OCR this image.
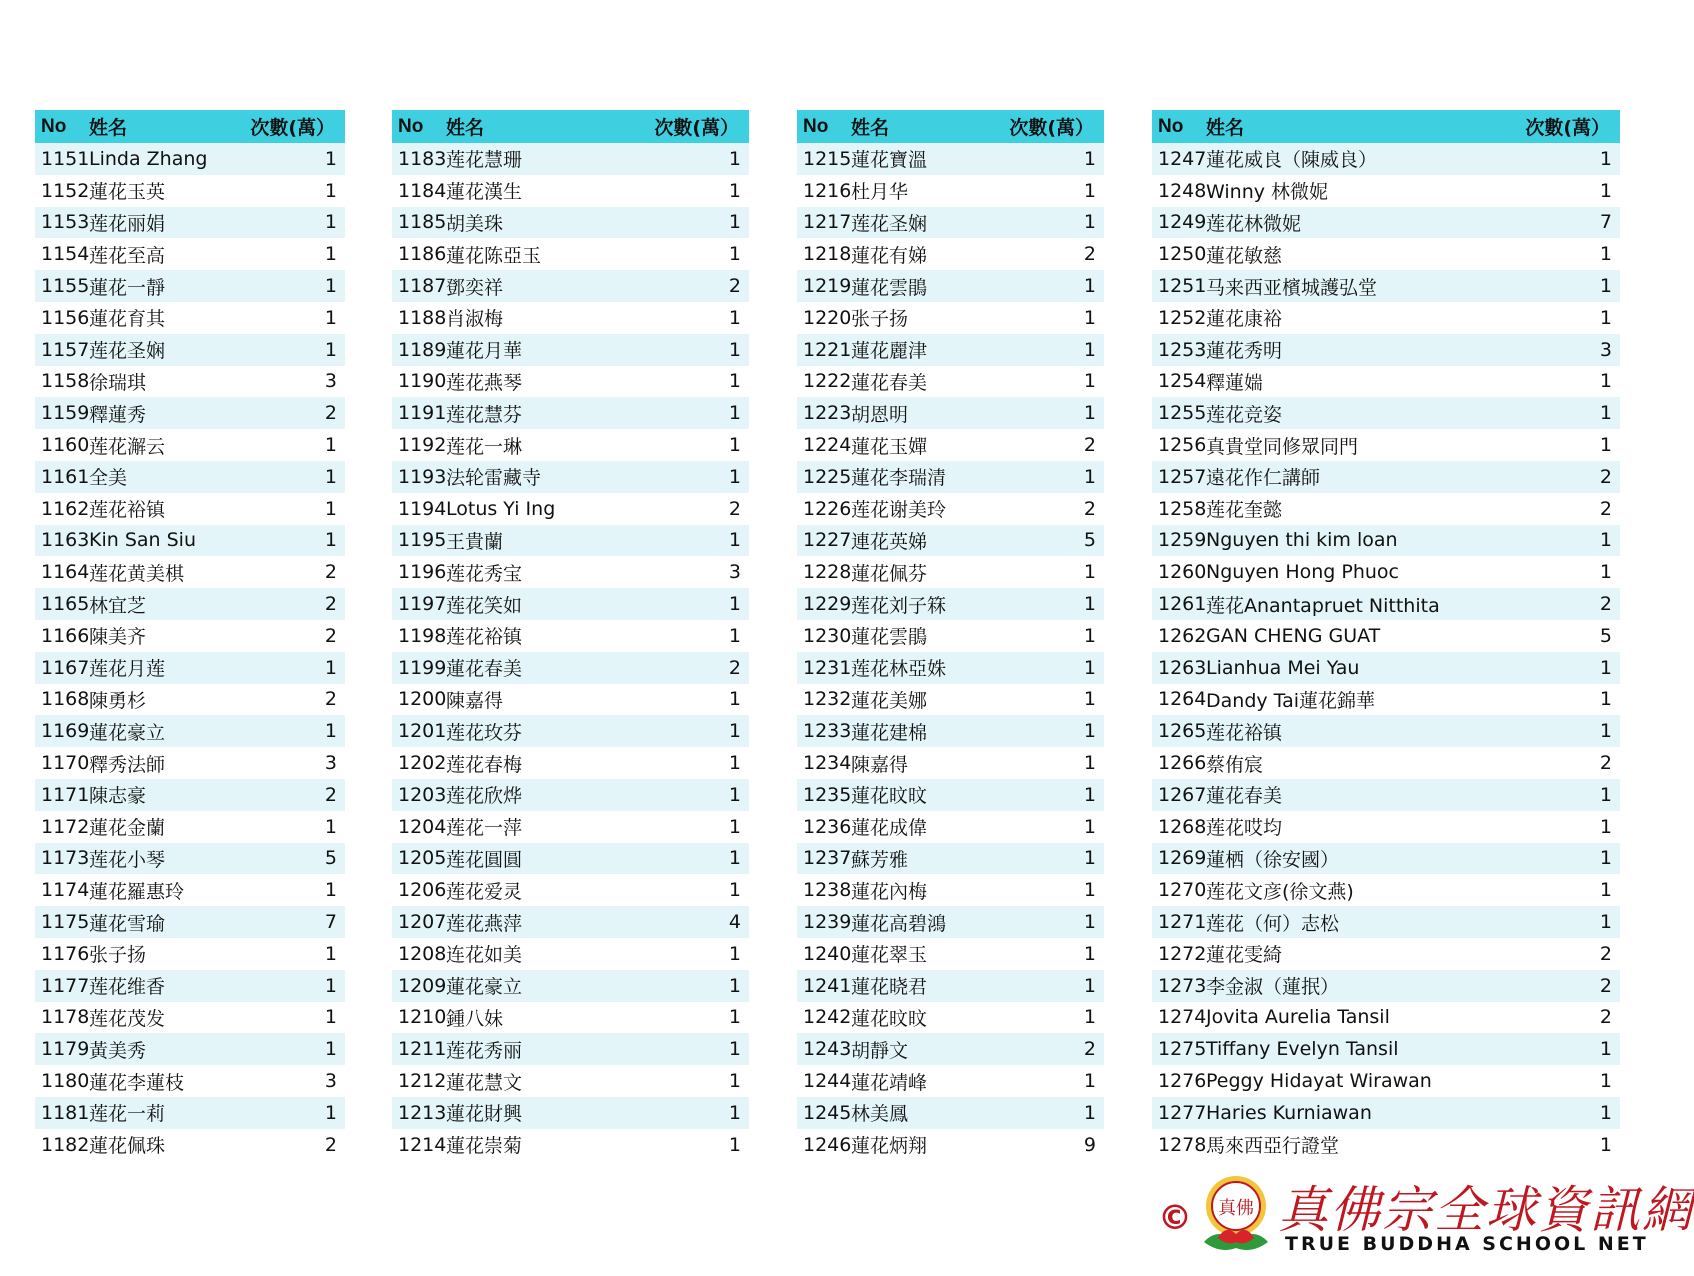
No	姓名	次數(萬）
1151 Linda Zhang	1
1152 蓮花玉英	1
1153 莲花丽娟	1
1154 莲花至高	1
1155 蓮花一靜	1
1156 蓮花育其	1
1157 莲花圣娴	1
1158 徐瑞琪	3
1159 釋蓮秀	2
1160 莲花澥云	1
1161 全美	1
1162 莲花裕镇	1
1163 Kin San Siu	1
1164 莲花黄美棋	2
1165 林宜芝	2
1166 陳美齐	2
1167 莲花月莲	1
1168 陳勇杉	2
1169 蓮花豪立	1
1170 釋秀法師	3
1171 陳志豪	2
1172 蓮花金蘭	1
1173 莲花小琴	5
1174 蓮花羅惠玲	1
1175 蓮花雪瑜	7
1176 张子扬	1
1177 莲花维香	1
1178 莲花茂发	1
1179 黃美秀	1
1180 蓮花李蓮枝	3
1181 莲花一莉	1
1182 蓮花佩珠	2
No	姓名	次數(萬）
1183 莲花慧珊	1
1184 蓮花漢生	1
1185 胡美珠	1
1186 蓮花陈亞玉	1
1187 鄧奕祥	2
1188 肖淑梅	1
1189 蓮花月華	1
1190 莲花燕琴	1
1191 莲花慧芬	1
1192 莲花一琳	1
1193 法轮雷藏寺	1
1194 Lotus Yi Ing	2
1195 王貴蘭	1
1196 莲花秀宝	3
1197 莲花笑如	1
1198 莲花裕镇	1
1199 蓮花春美	2
1200 陳嘉得	1
1201 莲花玫芬	1
1202 莲花春梅	1
1203 莲花欣烨	1
1204 莲花一萍	1
1205 莲花圓圓	1
1206 莲花爱灵	1
1207 莲花燕萍	4
1208 连花如美	1
1209 蓮花豪立	1
1210 鍾八妹	1
1211 莲花秀丽	1
1212 蓮花慧文	1
1213 蓮花財興	1
1214 蓮花崇菊	1
No	姓名	次數(萬）
1215 蓮花寶溫	1
1216 杜月华	1
1217 莲花圣娴	1
1218 蓮花有娣	2
1219 蓮花雲鵑	1
1220 张子扬	1
1221 蓮花麗津	1
1222 蓮花春美	1
1223 胡恩明	1
1224 蓮花玉嬋	2
1225 蓮花李瑞清	1
1226 莲花谢美玲	2
1227 連花英娣	5
1228 蓮花佩芬	1
1229 莲花刘子箖	1
1230 蓮花雲鵑	1
1231 莲花林亞姝	1
1232 蓮花美娜	1
1233 蓮花建棉	1
1234 陳嘉得	1
1235 蓮花旼旼	1
1236 蓮花成偉	1
1237 蘇芳雅	1
1238 蓮花內梅	1
1239 蓮花高碧鴻	1
1240 蓮花翠玉	1
1241 蓮花晓君	1
1242 蓮花旼旼	1
1243 胡靜文	2
1244 蓮花靖峰	1
1245 林美鳳	1
1246 蓮花炳翔	9
No	姓名	次數(萬）
1247 蓮花威良（陳威良）	1
1248 Winny 林微妮	1
1249 莲花林微妮	7
1250 蓮花敏慈	1
1251 马来西亚檳城護弘堂	1
1252 蓮花康裕	1
1253 蓮花秀明	3
1254 釋蓮媏	1
1255 莲花竞姿	1
1256 真貴堂同修眾同門	1
1257 遠花作仁講師	2
1258 莲花奎懿	2
1259 Nguyen thi kim loan	1
1260 Nguyen Hong Phuoc	1
1261 莲花Anantapruet Nitthita	2
1262 GAN CHENG GUAT	5
1263 Lianhua Mei Yau	1
1264 Dandy Tai蓮花錦華	1
1265 莲花裕镇	1
1266 蔡侑宸	2
1267 蓮花春美	1
1268 莲花哎均	1
1269 蓮栖（徐安國）	1
1270 莲花文彦(徐文燕)	1
1271 莲花（何）志松	1
1272 蓮花雯綺	2
1273 李金淑（蓮抿）	2
1274 Jovita Aurelia Tansil	2
1275 Tiffany Evelyn Tansil	1
1276 Peggy Hidayat Wirawan	1
1277 Haries Kurniawan	1
1278 馬來西亞行證堂	1
© 真佛 真佛宗全球資訊網
TRUE BUDDHA SCHOOL NET
